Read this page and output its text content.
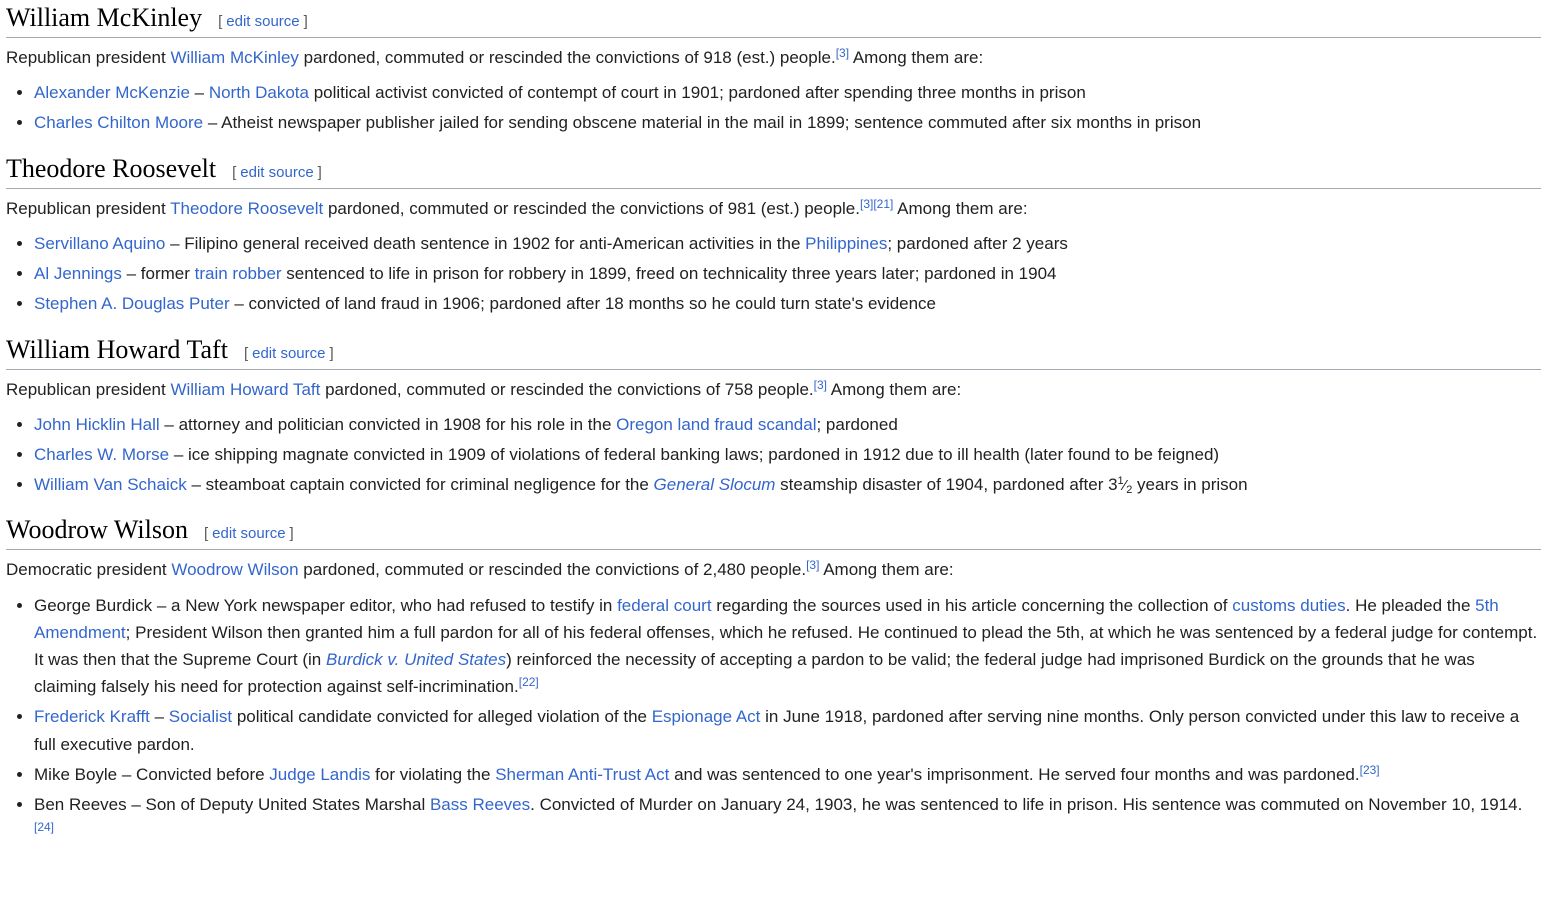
William McKinley [ edit source ]

Republican president William McKinley pardoned, commuted or rescinded the convictions of 918 (est.) people.[3] Among them are:

• Alexander McKenzie – North Dakota political activist convicted of contempt of court in 1901; pardoned after spending three months in prison
• Charles Chilton Moore – Atheist newspaper publisher jailed for sending obscene material in the mail in 1899; sentence commuted after six months in prison
Theodore Roosevelt [ edit source ]

Republican president Theodore Roosevelt pardoned, commuted or rescinded the convictions of 981 (est.) people.[3][21] Among them are:

• Servillano Aquino – Filipino general received death sentence in 1902 for anti-American activities in the Philippines; pardoned after 2 years
• Al Jennings – former train robber sentenced to life in prison for robbery in 1899, freed on technicality three years later; pardoned in 1904
• Stephen A. Douglas Puter – convicted of land fraud in 1906; pardoned after 18 months so he could turn state's evidence
William Howard Taft [ edit source ]

Republican president William Howard Taft pardoned, commuted or rescinded the convictions of 758 people.[3] Among them are:

• John Hicklin Hall – attorney and politician convicted in 1908 for his role in the Oregon land fraud scandal; pardoned
• Charles W. Morse – ice shipping magnate convicted in 1909 of violations of federal banking laws; pardoned in 1912 due to ill health (later found to be feigned)
• William Van Schaick – steamboat captain convicted for criminal negligence for the General Slocum steamship disaster of 1904, pardoned after $3^1⁄2$ years in prison
Woodrow Wilson [ edit source ]

Democratic president Woodrow Wilson pardoned, commuted or rescinded the convictions of 2,480 people.[3] Among them are:

• George Burdick – a New York newspaper editor, who had refused to testify in federal court regarding the sources used in his article concerning the collection of customs duties. He pleaded the 5th Amendment; President Wilson then granted him a full pardon for all of his federal offenses, which he refused. He continued to plead the 5th, at which he was sentenced by a federal judge for contempt. It was then that the Supreme Court (in Burdick v. United States) reinforced the necessity of accepting a pardon to be valid; the federal judge had imprisoned Burdick on the grounds that he was claiming falsely his need for protection against self-incrimination.[22]
• Frederick Krafft – Socialist political candidate convicted for alleged violation of the Espionage Act in June 1918, pardoned after serving nine months. Only person convicted under this law to receive a full executive pardon.
• Mike Boyle – Convicted before Judge Landis for violating the Sherman Anti-Trust Act and was sentenced to one year's imprisonment. He served four months and was pardoned.[23]
• Ben Reeves – Son of Deputy United States Marshal Bass Reeves. Convicted of Murder on January 24, 1903, he was sentenced to life in prison. His sentence was commuted on November 10, 1914.[24]
